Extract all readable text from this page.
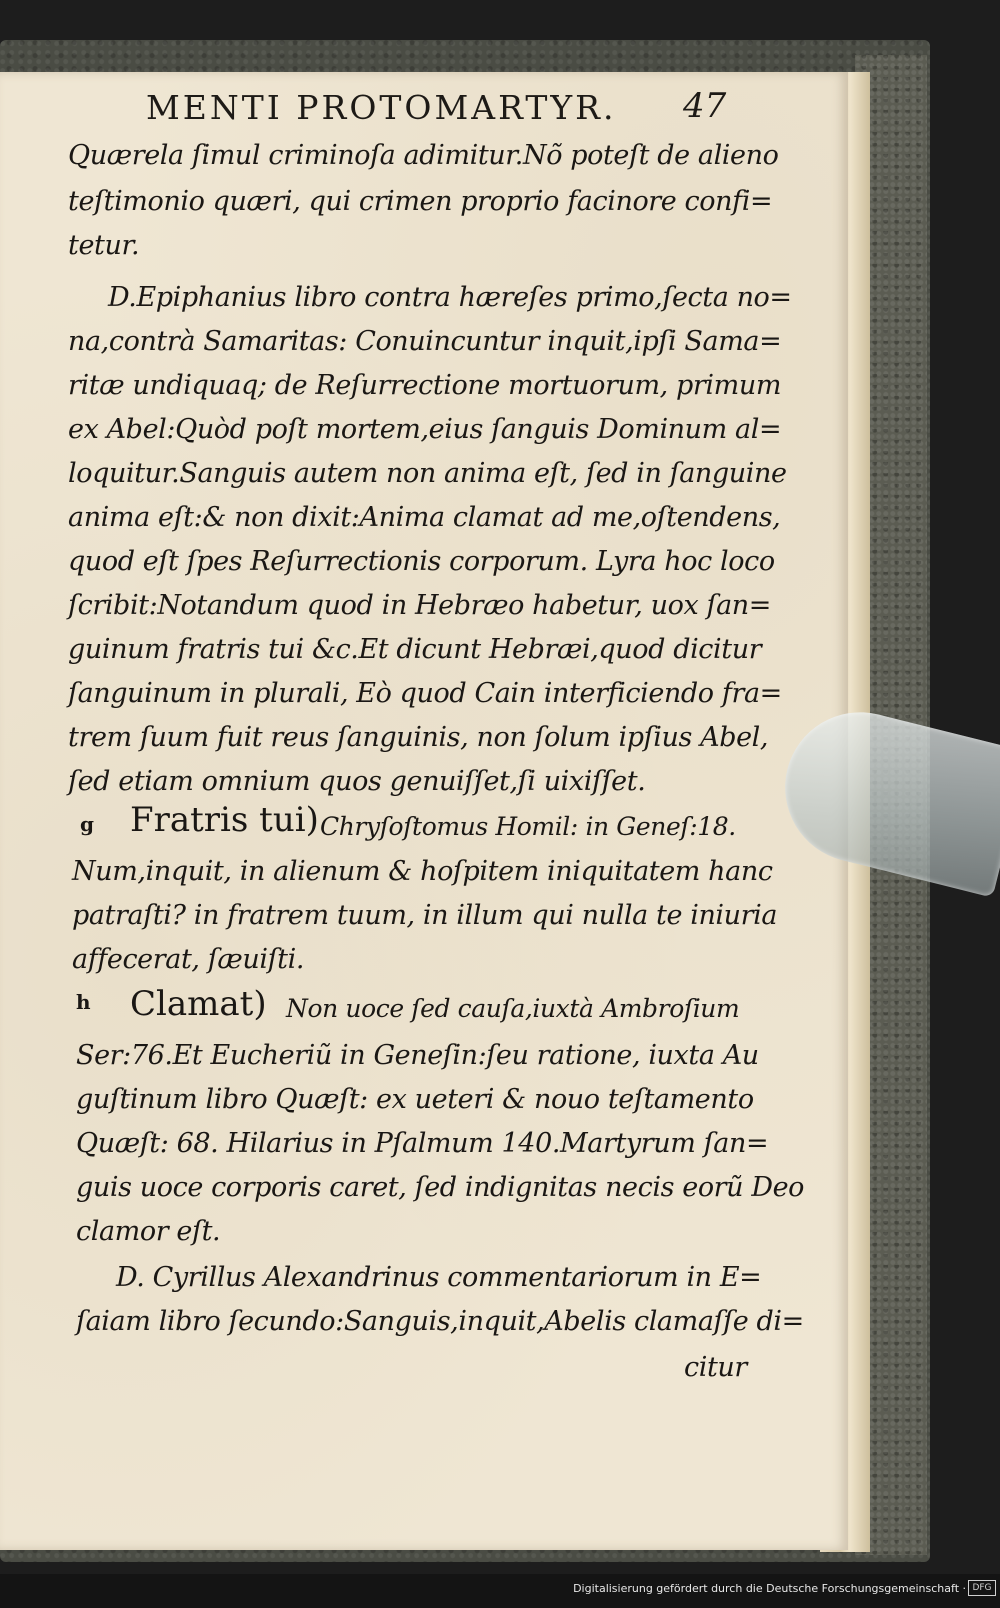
MENTI PROTOMARTYR. 47
Quærela ſimul criminoſa adimitur.Nõ poteſt de alieno
teſtimonio quæri, qui crimen proprio facinore confi=
tetur.
D.Epiphanius libro contra hæreſes primo,ſecta no=
na,contrà Samaritas: Conuincuntur inquit,ipſi Sama=
ritæ undiquaq; de Reſurrectione mortuorum, primum
ex Abel:Quòd poſt mortem,eius ſanguis Dominum al=
loquitur.Sanguis autem non anima eſt, ſed in ſanguine
anima eſt:& non dixit:Anima clamat ad me,oſtendens,
quod eſt ſpes Reſurrectionis corporum. Lyra hoc loco
ſcribit:Notandum quod in Hebræo habetur, uox ſan=
guinum fratris tui &c.Et dicunt Hebræi,quod dicitur
ſanguinum in plurali, Eò quod Cain interficiendo fra=
trem ſuum fuit reus ſanguinis, non ſolum ipſius Abel,
ſed etiam omnium quos genuiſſet,ſi uixiſſet.
g Fratris tui) Chryſoſtomus Homil: in Geneſ:18.
Num,inquit, in alienum & hoſpitem iniquitatem hanc
patraſti? in fratrem tuum, in illum qui nulla te iniuria
affecerat, ſæuiſti.
h Clamat) Non uoce ſed cauſa,iuxtà Ambroſium
Ser:76.Et Eucheriũ in Geneſin:ſeu ratione, iuxta Au
guſtinum libro Quæſt: ex ueteri & nouo teſtamento
Quæſt: 68. Hilarius in Pſalmum 140.Martyrum ſan=
guis uoce corporis caret, ſed indignitas necis eorũ Deo
clamor eſt.
D. Cyrillus Alexandrinus commentariorum in E=
ſaiam libro ſecundo:Sanguis,inquit,Abelis clamaſſe di=
citur
Digitalisierung gefördert durch die Deutsche Forschungsgemeinschaft · DFG
